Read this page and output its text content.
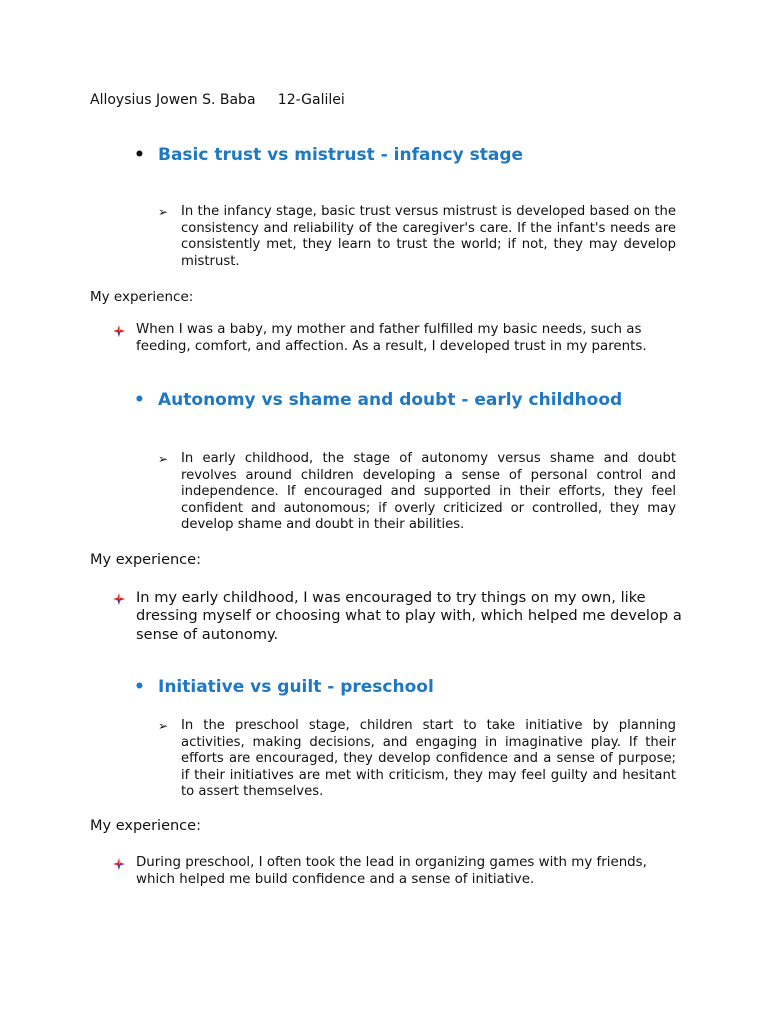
Alloysius Jowen S. Baba 12-Galilei
• Basic trust vs mistrust - infancy stage
➢ In the infancy stage, basic trust versus mistrust is developed based on the consistency and reliability of the caregiver's care. If the infant's needs are consistently met, they learn to trust the world; if not, they may develop mistrust.
My experience:
When I was a baby, my mother and father fulfilled my basic needs, such as feeding, comfort, and affection. As a result, I developed trust in my parents.
• Autonomy vs shame and doubt - early childhood
➢ In early childhood, the stage of autonomy versus shame and doubt revolves around children developing a sense of personal control and independence. If encouraged and supported in their efforts, they feel confident and autonomous; if overly criticized or controlled, they may develop shame and doubt in their abilities.
My experience:
In my early childhood, I was encouraged to try things on my own, like dressing myself or choosing what to play with, which helped me develop a sense of autonomy.
• Initiative vs guilt - preschool
➢ In the preschool stage, children start to take initiative by planning activities, making decisions, and engaging in imaginative play. If their efforts are encouraged, they develop confidence and a sense of purpose; if their initiatives are met with criticism, they may feel guilty and hesitant to assert themselves.
My experience:
During preschool, I often took the lead in organizing games with my friends, which helped me build confidence and a sense of initiative.
